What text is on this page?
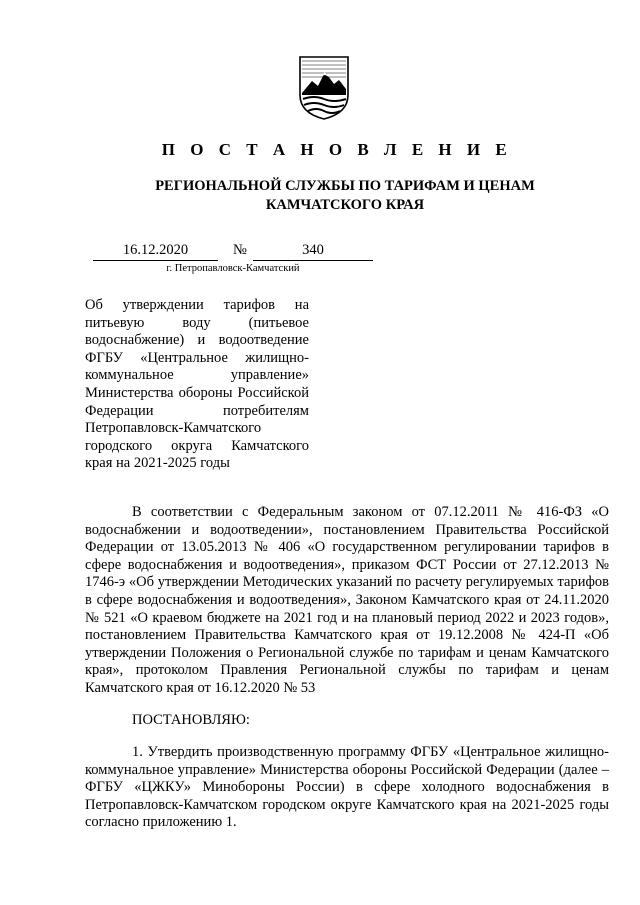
П О С Т А Н О В Л Е Н И Е
РЕГИОНАЛЬНОЙ СЛУЖБЫ ПО ТАРИФАМ И ЦЕНАМ
КАМЧАТСКОГО КРАЯ
16.12.2020	№	340
г. Петропавловск-Камчатский
Об утверждении тарифов на питьевую воду (питьевое водоснабжение) и водоотведение ФГБУ «Центральное жилищно-коммунальное управление» Министерства обороны Российской Федерации потребителям Петропавловск-Камчатского городского округа Камчатского края на 2021-2025 годы
В соответствии с Федеральным законом от 07.12.2011 № 416-ФЗ «О водоснабжении и водоотведении», постановлением Правительства Российской Федерации от 13.05.2013 № 406 «О государственном регулировании тарифов в сфере водоснабжения и водоотведения», приказом ФСТ России от 27.12.2013 № 1746-э «Об утверждении Методических указаний по расчету регулируемых тарифов в сфере водоснабжения и водоотведения», Законом Камчатского края от 24.11.2020 № 521 «О краевом бюджете на 2021 год и на плановый период 2022 и 2023 годов», постановлением Правительства Камчатского края от 19.12.2008 № 424-П «Об утверждении Положения о Региональной службе по тарифам и ценам Камчатского края», протоколом Правления Региональной службы по тарифам и ценам Камчатского края от 16.12.2020 № 53
ПОСТАНОВЛЯЮ:
1. Утвердить производственную программу ФГБУ «Центральное жилищно-коммунальное управление» Министерства обороны Российской Федерации (далее – ФГБУ «ЦЖКУ» Минобороны России) в сфере холодного водоснабжения в Петропавловск-Камчатском городском округе Камчатского края на 2021-2025 годы согласно приложению 1.
